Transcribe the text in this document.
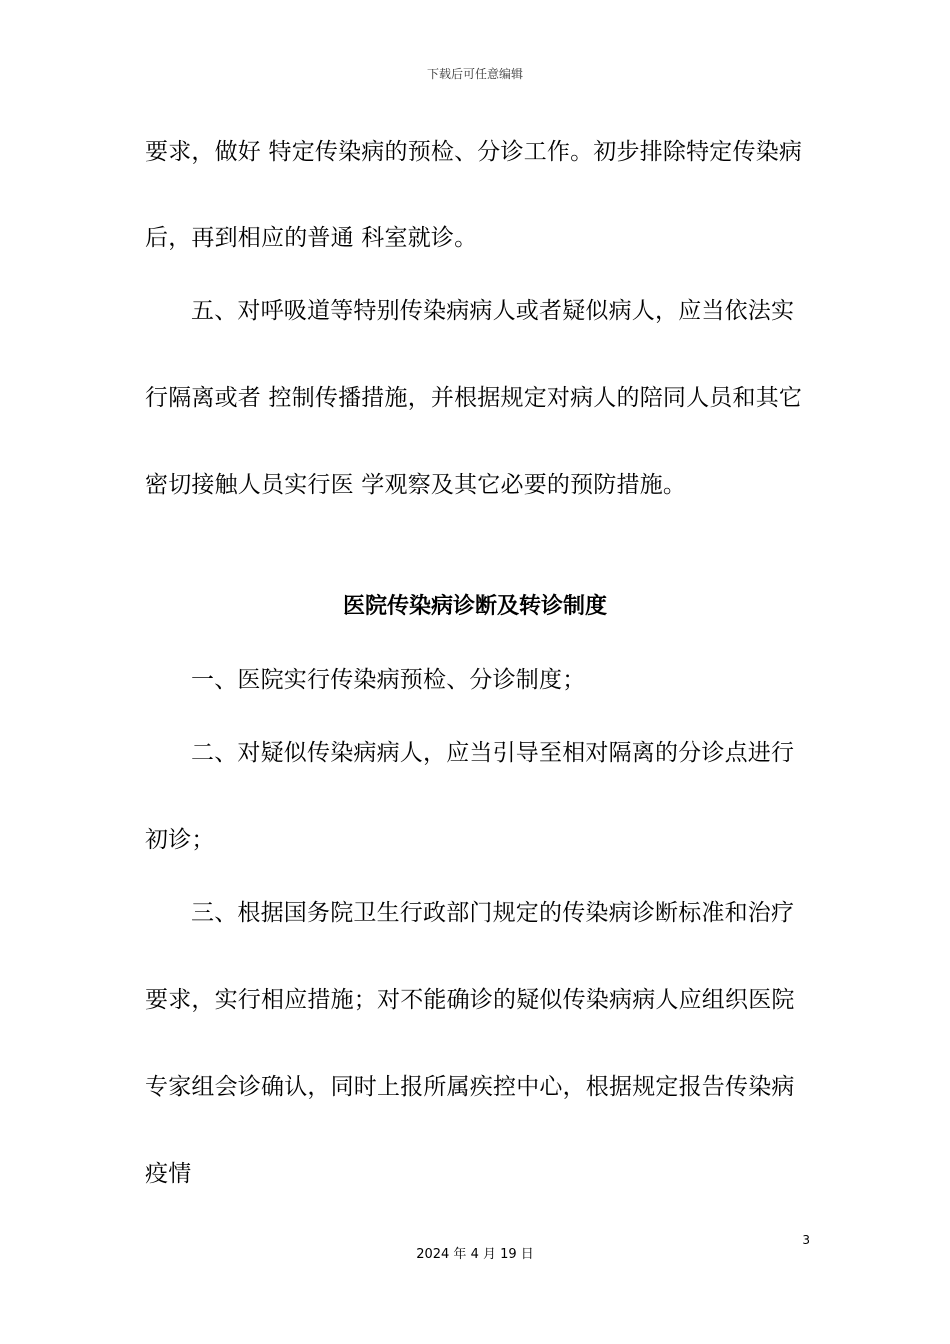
下载后可任意编辑
要求，做好 特定传染病的预检、分诊工作。初步排除特定传染病
后，再到相应的普通 科室就诊。
五、对呼吸道等特别传染病病人或者疑似病人，应当依法实
行隔离或者 控制传播措施，并根据规定对病人的陪同人员和其它
密切接触人员实行医 学观察及其它必要的预防措施。
医院传染病诊断及转诊制度
一、医院实行传染病预检、分诊制度；
二、对疑似传染病病人，应当引导至相对隔离的分诊点进行
初诊；
三、根据国务院卫生行政部门规定的传染病诊断标准和治疗
要求，实行相应措施；对不能确诊的疑似传染病病人应组织医院
专家组会诊确认，同时上报所属疾控中心，根据规定报告传染病
疫情
3
2024 年 4 月 19 日
